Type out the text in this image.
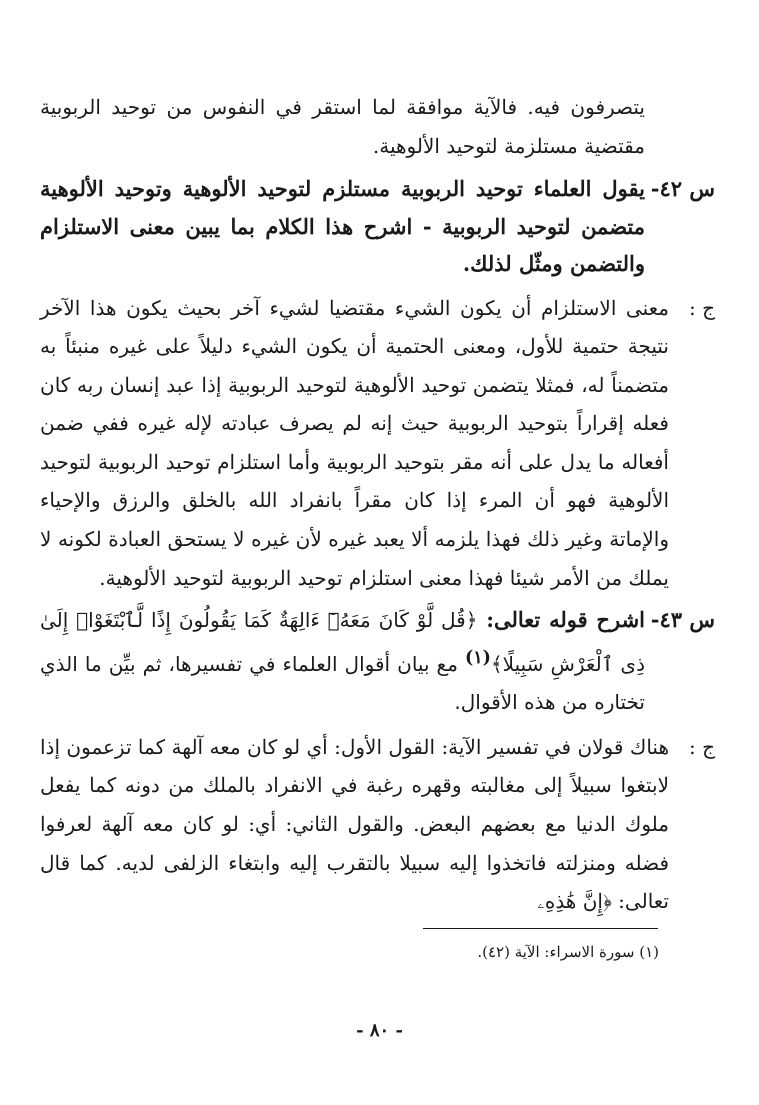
يتصرفون فيه. فالآية موافقة لما استقر في النفوس من توحيد الربوبية مقتضية مستلزمة لتوحيد الألوهية.
س ٤٢-
يقول العلماء توحيد الربوبية مستلزم لتوحيد الألوهية وتوحيد الألوهية متضمن لتوحيد الربوبية - اشرح هذا الكلام بما يبين معنى الاستلزام والتضمن ومثّل لذلك.
ج :
معنى الاستلزام أن يكون الشيء مقتضيا لشيء آخر بحيث يكون هذا الآخر نتيجة حتمية للأول، ومعنى الحتمية أن يكون الشيء دليلاً على غيره منبئاً به متضمناً له، فمثلا يتضمن توحيد الألوهية لتوحيد الربوبية إذا عبد إنسان ربه كان فعله إقراراً بتوحيد الربوبية حيث إنه لم يصرف عبادته لإله غيره ففي ضمن أفعاله ما يدل على أنه مقر بتوحيد الربوبية وأما استلزام توحيد الربوبية لتوحيد الألوهية فهو أن المرء إذا كان مقراً بانفراد الله بالخلق والرزق والإحياء والإماتة وغير ذلك فهذا يلزمه ألا يعبد غيره لأن غيره لا يستحق العبادة لكونه لا يملك من الأمر شيئا فهذا معنى استلزام توحيد الربوبية لتوحيد الألوهية.
س ٤٣-
اشرح قوله تعالى: ﴿قُل لَّوْ كَانَ مَعَهُۥٓ ءَالِهَةٌ كَمَا يَقُولُونَ إِذًا لَّٱبْتَغَوْا۟ إِلَىٰ ذِى ٱلْعَرْشِ سَبِيلًا﴾$^{(١)}$ مع بيان أقوال العلماء في تفسيرها، ثم بيِّن ما الذي تختاره من هذه الأقوال.
ج :
هناك قولان في تفسير الآية: القول الأول: أي لو كان معه آلهة كما تزعمون إذا لابتغوا سبيلاً إلى مغالبته وقهره رغبة في الانفراد بالملك من دونه كما يفعل ملوك الدنيا مع بعضهم البعض. والقول الثاني: أي: لو كان معه آلهة لعرفوا فضله ومنزلته فاتخذوا إليه سبيلا بالتقرب إليه وابتغاء الزلفى لديه. كما قال تعالى: ﴿إِنَّ هَٰذِهِۦ
(١) سورة الاسراء: الآية (٤٢).
- ٨٠ -
